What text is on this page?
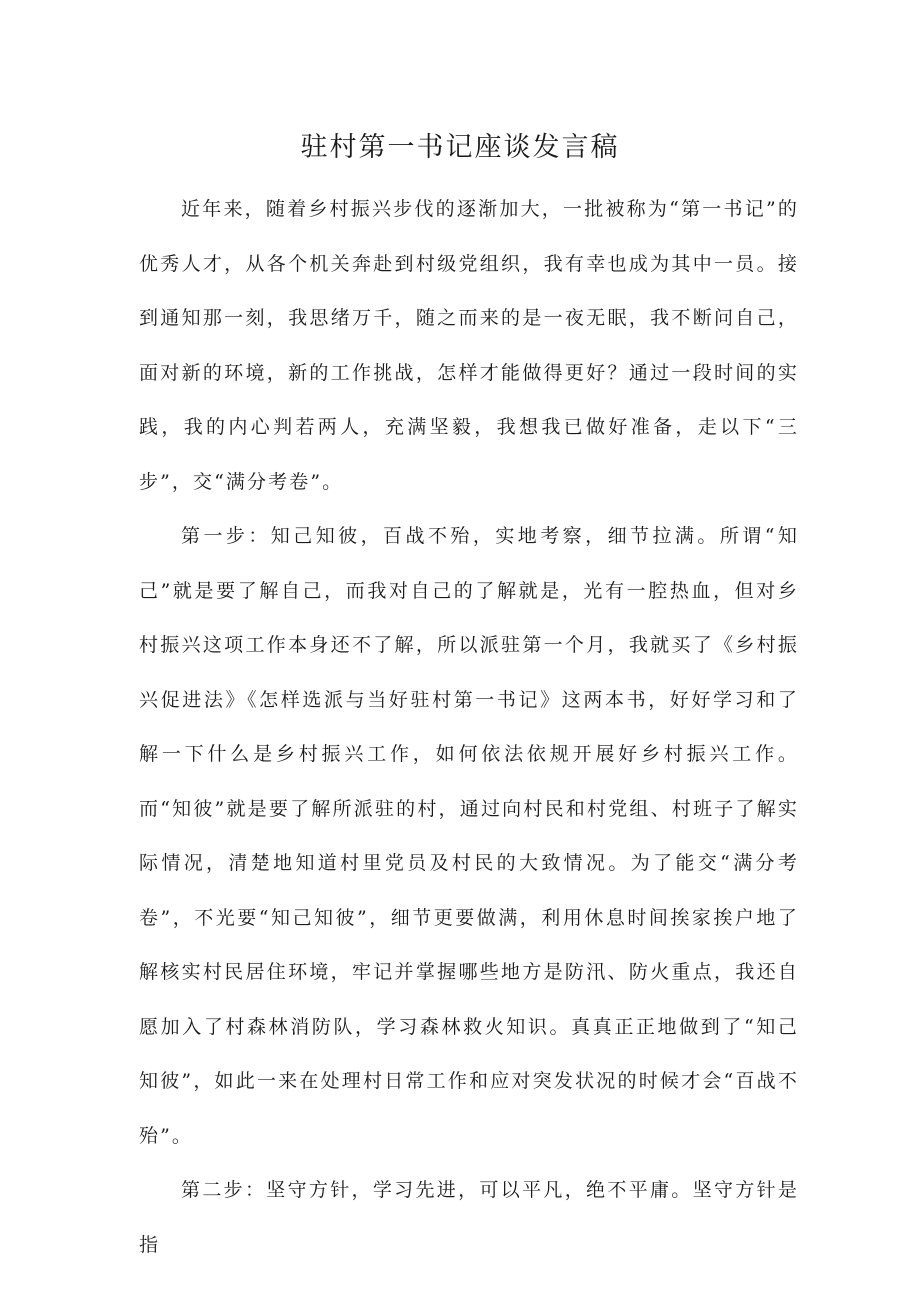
驻村第一书记座谈发言稿

近年来，随着乡村振兴步伐的逐渐加大，一批被称为“第一书记”的优秀人才，从各个机关奔赴到村级党组织，我有幸也成为其中一员。接到通知那一刻，我思绪万千，随之而来的是一夜无眠，我不断问自己，面对新的环境，新的工作挑战，怎样才能做得更好？通过一段时间的实践，我的内心判若两人，充满坚毅，我想我已做好准备，走以下“三步”，交“满分考卷”。

第一步：知己知彼，百战不殆，实地考察，细节拉满。所谓“知己”就是要了解自己，而我对自己的了解就是，光有一腔热血，但对乡村振兴这项工作本身还不了解，所以派驻第一个月，我就买了《乡村振兴促进法》《怎样选派与当好驻村第一书记》这两本书，好好学习和了解一下什么是乡村振兴工作，如何依法依规开展好乡村振兴工作。而“知彼”就是要了解所派驻的村，通过向村民和村党组、村班子了解实际情况，清楚地知道村里党员及村民的大致情况。为了能交“满分考卷”，不光要“知己知彼”，细节更要做满，利用休息时间挨家挨户地了解核实村民居住环境，牢记并掌握哪些地方是防汛、防火重点，我还自愿加入了村森林消防队，学习森林救火知识。真真正正地做到了“知己知彼”，如此一来在处理村日常工作和应对突发状况的时候才会“百战不殆”。

第二步：坚守方针，学习先进，可以平凡，绝不平庸。坚守方针是指
